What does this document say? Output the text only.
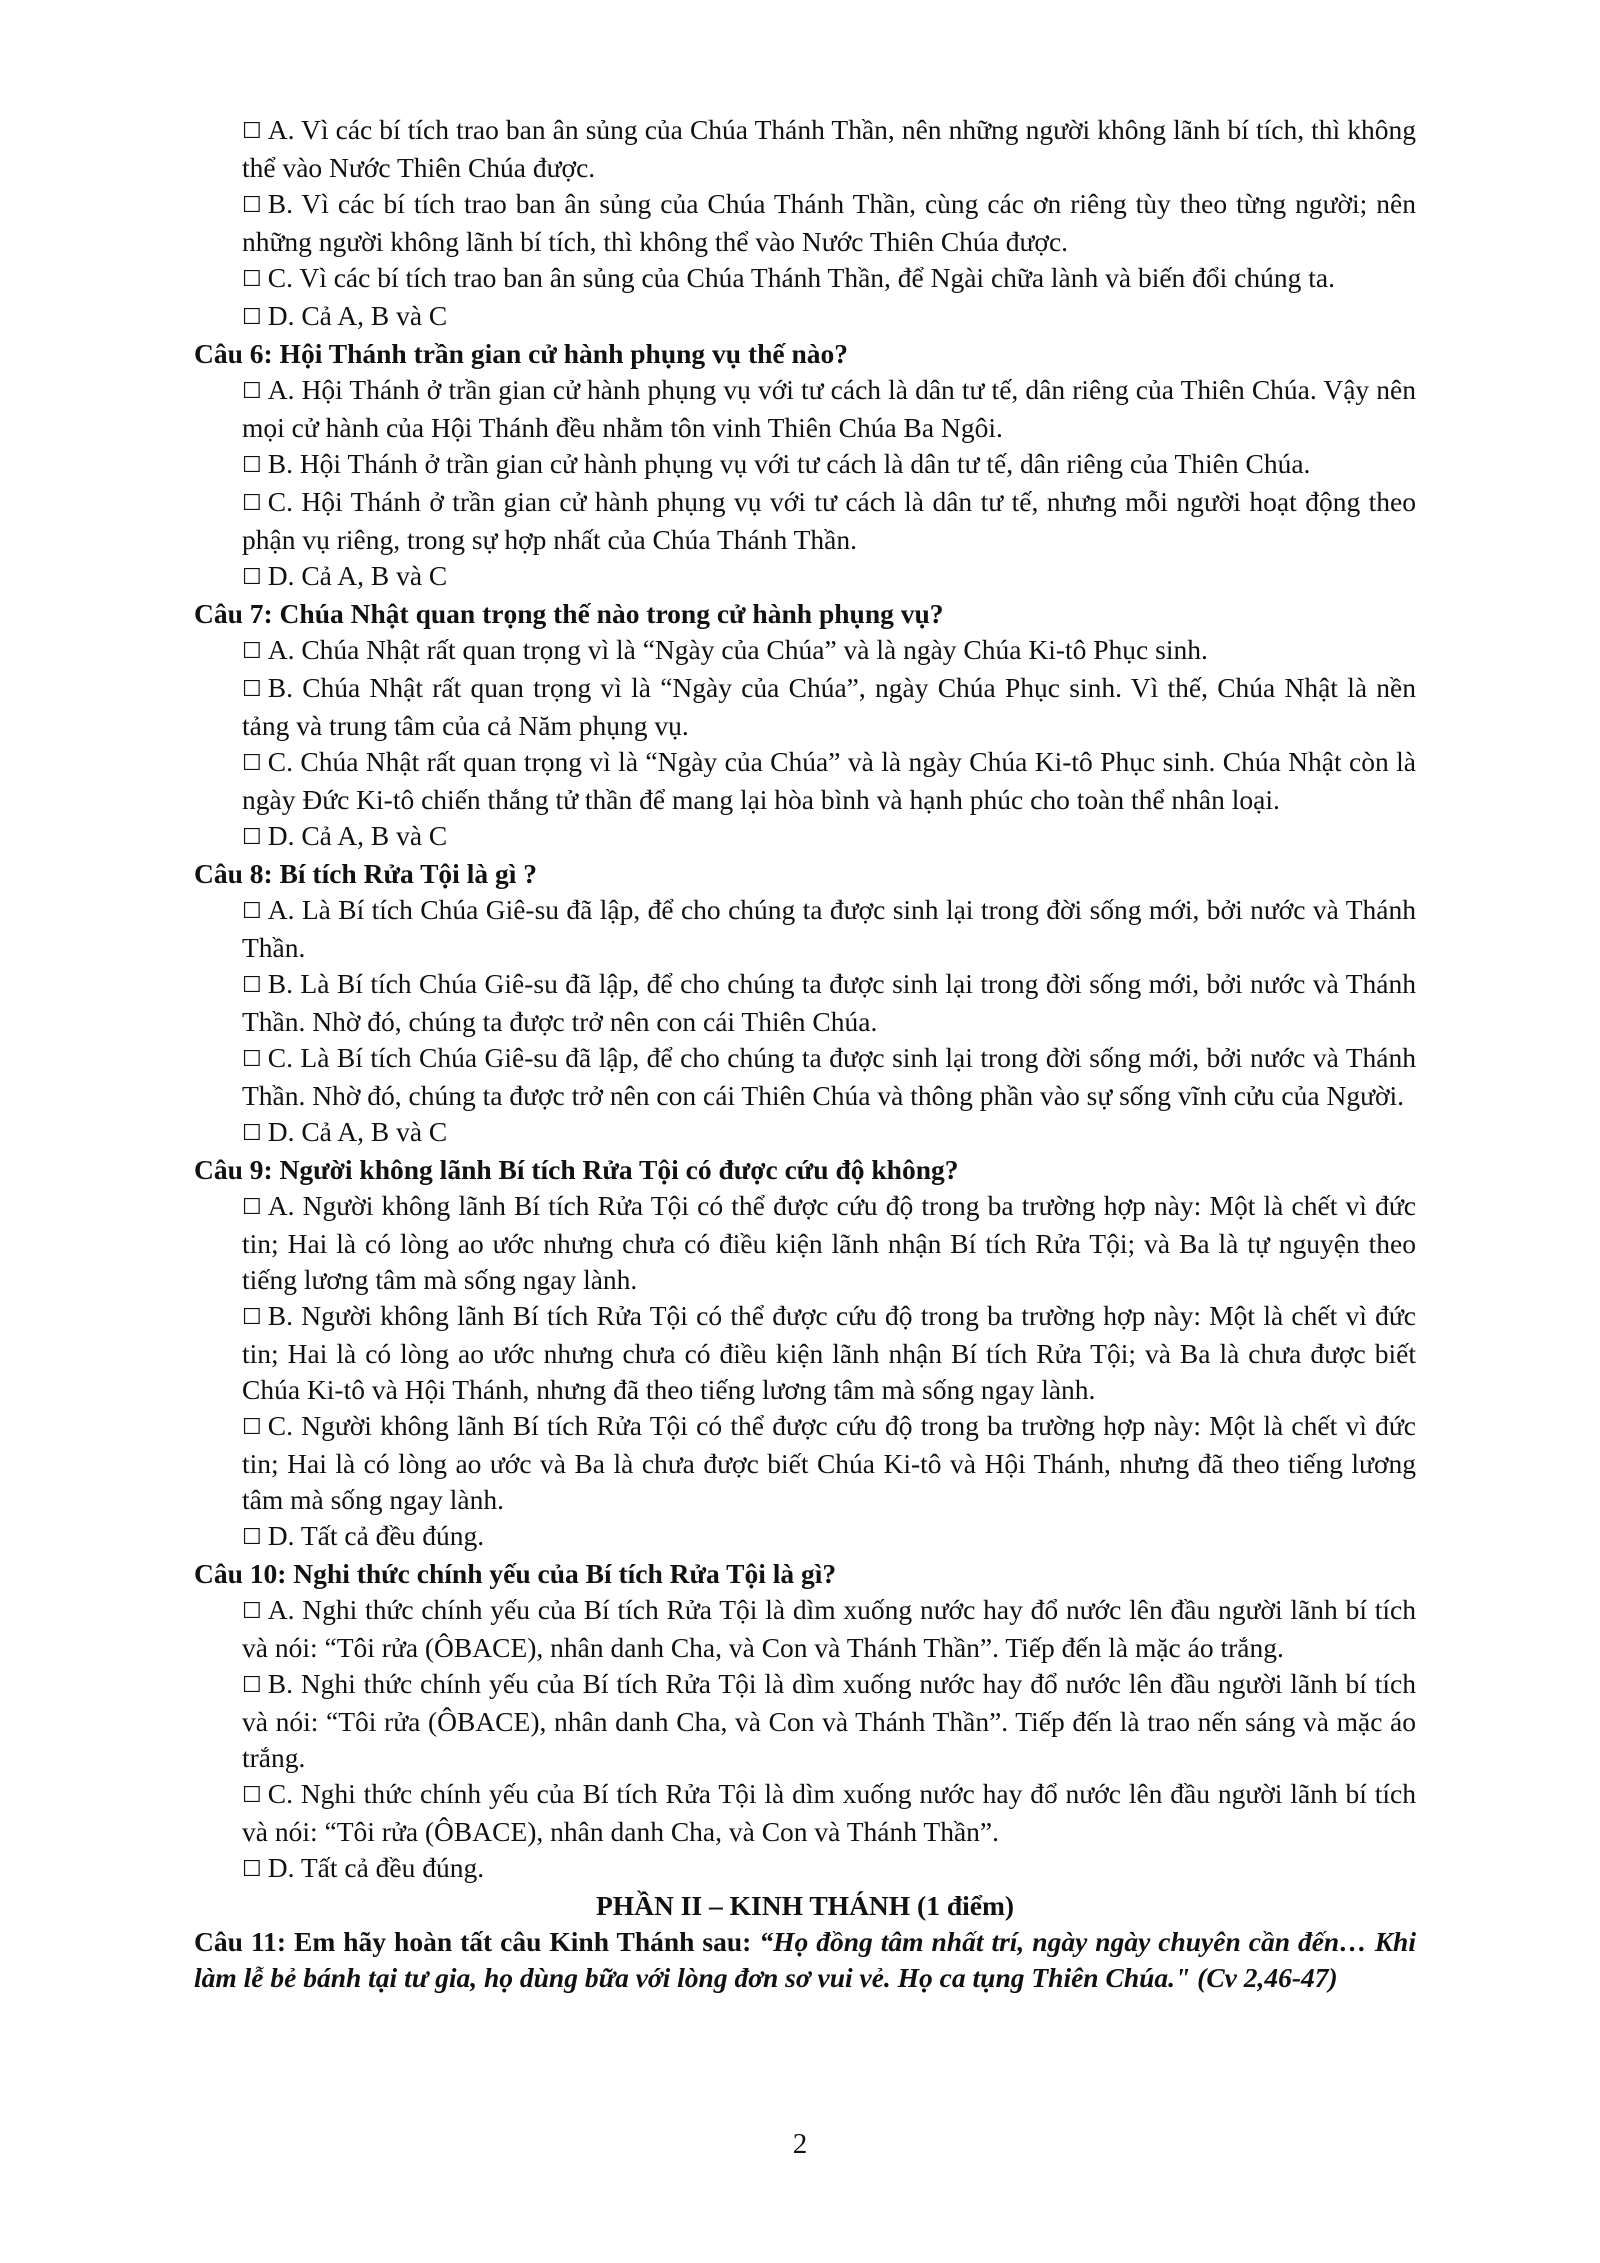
☐ A. Vì các bí tích trao ban ân sủng của Chúa Thánh Thần, nên những người không lãnh bí tích, thì không thể vào Nước Thiên Chúa được.

☐ B. Vì các bí tích trao ban ân sủng của Chúa Thánh Thần, cùng các ơn riêng tùy theo từng người; nên những người không lãnh bí tích, thì không thể vào Nước Thiên Chúa được.

☐ C. Vì các bí tích trao ban ân sủng của Chúa Thánh Thần, để Ngài chữa lành và biến đổi chúng ta.

☐ D. Cả A, B và C

Câu 6: Hội Thánh trần gian cử hành phụng vụ thế nào?

☐ A. Hội Thánh ở trần gian cử hành phụng vụ với tư cách là dân tư tế, dân riêng của Thiên Chúa. Vậy nên mọi cử hành của Hội Thánh đều nhằm tôn vinh Thiên Chúa Ba Ngôi.

☐ B. Hội Thánh ở trần gian cử hành phụng vụ với tư cách là dân tư tế, dân riêng của Thiên Chúa.

☐ C. Hội Thánh ở trần gian cử hành phụng vụ với tư cách là dân tư tế, nhưng mỗi người hoạt động theo phận vụ riêng, trong sự hợp nhất của Chúa Thánh Thần.

☐ D. Cả A, B và C

Câu 7: Chúa Nhật quan trọng thế nào trong cử hành phụng vụ?

☐ A. Chúa Nhật rất quan trọng vì là “Ngày của Chúa” và là ngày Chúa Ki-tô Phục sinh.

☐ B. Chúa Nhật rất quan trọng vì là “Ngày của Chúa”, ngày Chúa Phục sinh. Vì thế, Chúa Nhật là nền tảng và trung tâm của cả Năm phụng vụ.

☐ C. Chúa Nhật rất quan trọng vì là “Ngày của Chúa” và là ngày Chúa Ki-tô Phục sinh. Chúa Nhật còn là ngày Đức Ki-tô chiến thắng tử thần để mang lại hòa bình và hạnh phúc cho toàn thể nhân loại.

☐ D. Cả A, B và C

Câu 8: Bí tích Rửa Tội là gì ?

☐ A. Là Bí tích Chúa Giê-su đã lập, để cho chúng ta được sinh lại trong đời sống mới, bởi nước và Thánh Thần.

☐ B. Là Bí tích Chúa Giê-su đã lập, để cho chúng ta được sinh lại trong đời sống mới, bởi nước và Thánh Thần. Nhờ đó, chúng ta được trở nên con cái Thiên Chúa.

☐ C. Là Bí tích Chúa Giê-su đã lập, để cho chúng ta được sinh lại trong đời sống mới, bởi nước và Thánh Thần. Nhờ đó, chúng ta được trở nên con cái Thiên Chúa và thông phần vào sự sống vĩnh cửu của Người.

☐ D. Cả A, B và C

Câu 9: Người không lãnh Bí tích Rửa Tội có được cứu độ không?

☐ A. Người không lãnh Bí tích Rửa Tội có thể được cứu độ trong ba trường hợp này: Một là chết vì đức tin; Hai là có lòng ao ước nhưng chưa có điều kiện lãnh nhận Bí tích Rửa Tội; và Ba là tự nguyện theo tiếng lương tâm mà sống ngay lành.

☐ B. Người không lãnh Bí tích Rửa Tội có thể được cứu độ trong ba trường hợp này: Một là chết vì đức tin; Hai là có lòng ao ước nhưng chưa có điều kiện lãnh nhận Bí tích Rửa Tội; và Ba là chưa được biết Chúa Ki-tô và Hội Thánh, nhưng đã theo tiếng lương tâm mà sống ngay lành.

☐ C. Người không lãnh Bí tích Rửa Tội có thể được cứu độ trong ba trường hợp này: Một là chết vì đức tin; Hai là có lòng ao ước và Ba là chưa được biết Chúa Ki-tô và Hội Thánh, nhưng đã theo tiếng lương tâm mà sống ngay lành.

☐ D. Tất cả đều đúng.

Câu 10: Nghi thức chính yếu của Bí tích Rửa Tội là gì?

☐ A. Nghi thức chính yếu của Bí tích Rửa Tội là dìm xuống nước hay đổ nước lên đầu người lãnh bí tích và nói: “Tôi rửa (ÔBACE), nhân danh Cha, và Con và Thánh Thần”. Tiếp đến là mặc áo trắng.

☐ B. Nghi thức chính yếu của Bí tích Rửa Tội là dìm xuống nước hay đổ nước lên đầu người lãnh bí tích và nói: “Tôi rửa (ÔBACE), nhân danh Cha, và Con và Thánh Thần”. Tiếp đến là trao nến sáng và mặc áo trắng.

☐ C. Nghi thức chính yếu của Bí tích Rửa Tội là dìm xuống nước hay đổ nước lên đầu người lãnh bí tích và nói: “Tôi rửa (ÔBACE), nhân danh Cha, và Con và Thánh Thần”.

☐ D. Tất cả đều đúng.

PHẦN II – KINH THÁNH (1 điểm)

Câu 11: Em hãy hoàn tất câu Kinh Thánh sau: “Họ đồng tâm nhất trí, ngày ngày chuyên cần đến… Khi làm lễ bẻ bánh tại tư gia, họ dùng bữa với lòng đơn sơ vui vẻ. Họ ca tụng Thiên Chúa." (Cv 2,46-47)

2
